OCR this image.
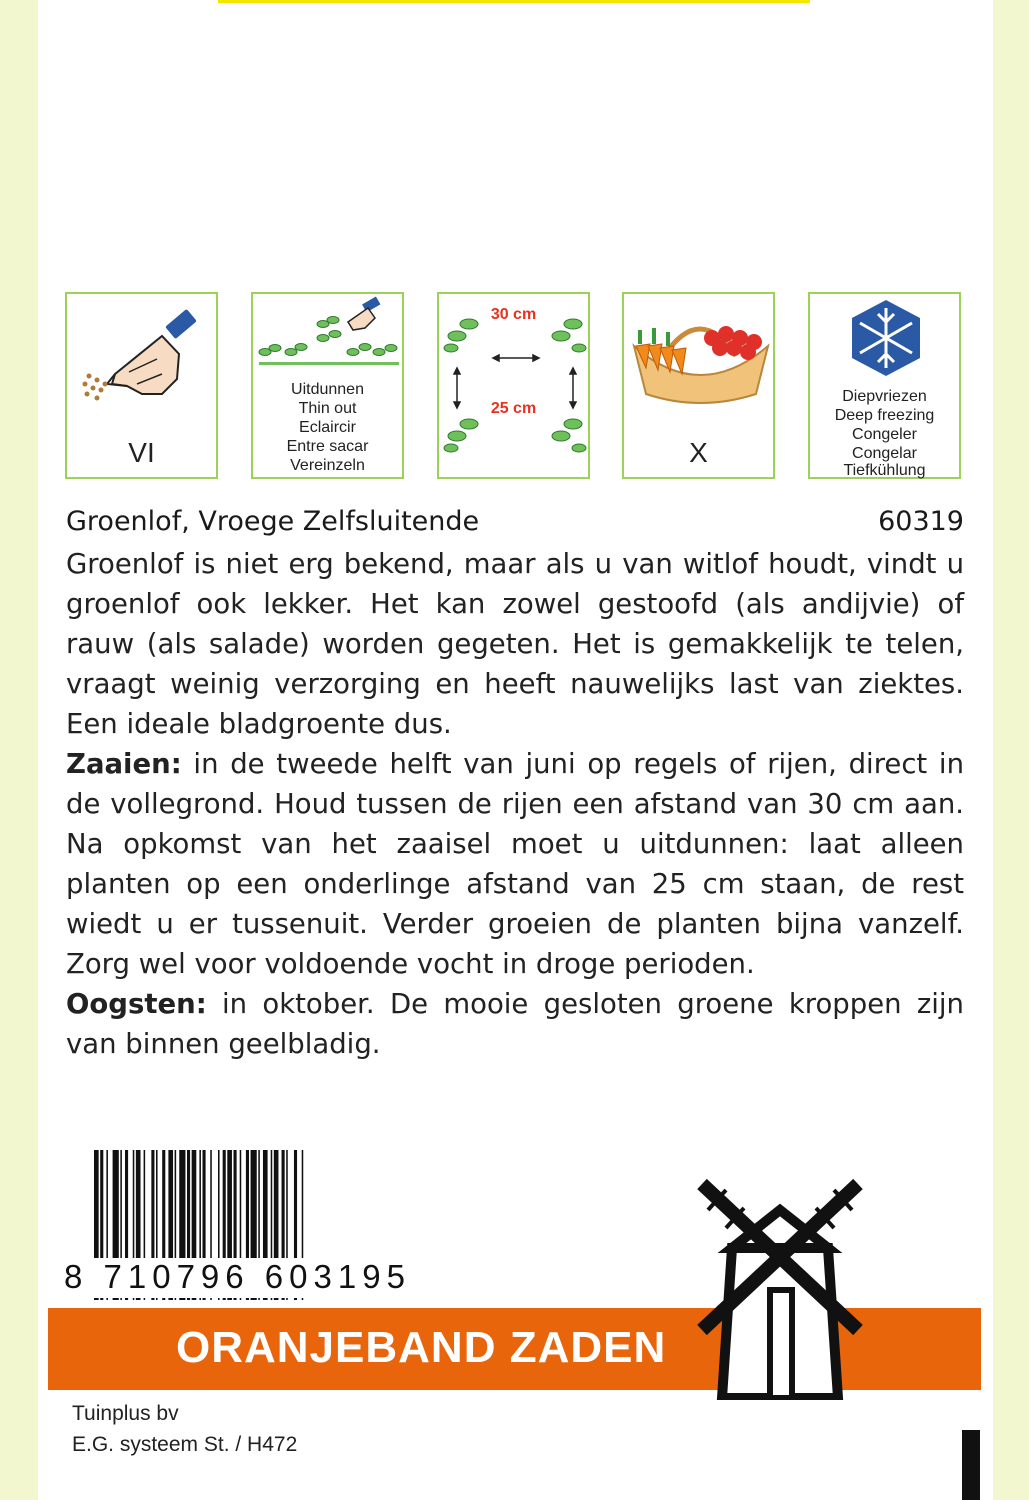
VI
Uitdunnen
Thin out
Eclaircir
Entre sacar
Vereinzeln
30 cm
25 cm
X
Diepvriezen
Deep freezing
Congeler
Congelar
Tiefkühlung
Groenlof, Vroege Zelfsluitende	60319

Groenlof is niet erg bekend, maar als u van witlof houdt, vindt u groenlof ook lekker. Het kan zowel gestoofd (als andijvie) of rauw (als salade) worden gegeten. Het is gemakkelijk te telen, vraagt weinig verzorging en heeft nauwelijks last van ziektes. Een ideale bladgroente dus.

Zaaien: in de tweede helft van juni op regels of rijen, direct in de vollegrond. Houd tussen de rijen een afstand van 30 cm aan. Na opkomst van het zaaisel moet u uitdunnen: laat alleen planten op een onderlinge afstand van 25 cm staan, de rest wiedt u er tussenuit. Verder groeien de planten bijna vanzelf. Zorg wel voor voldoende vocht in droge perioden.

Oogsten: in oktober. De mooie gesloten groene kroppen zijn van binnen geelbladig.

8 710796 603195
ORANJEBAND ZADEN
Tuinplus bv
E.G. systeem St. / H472
